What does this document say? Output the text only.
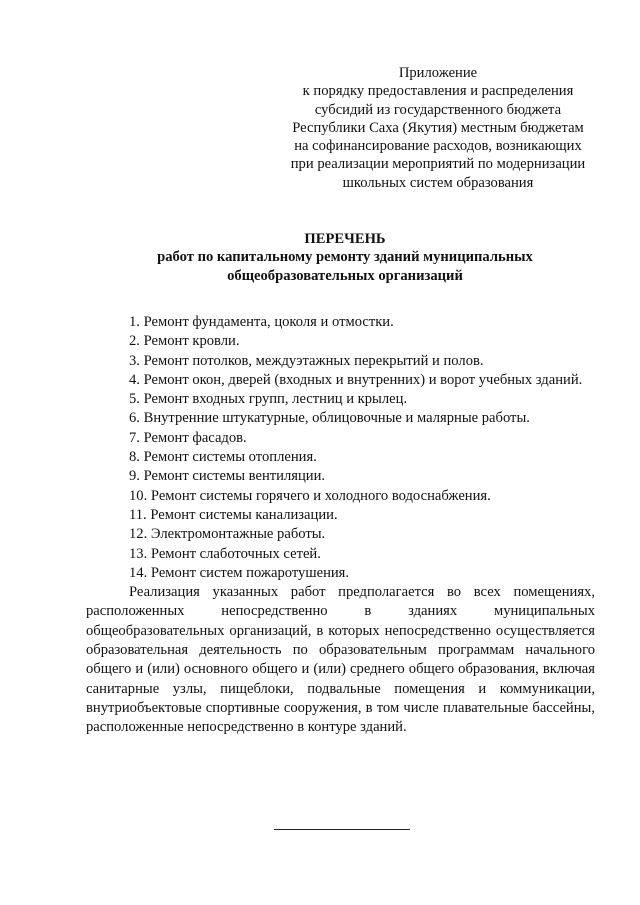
Приложение
к порядку предоставления и распределения
субсидий из государственного бюджета
Республики Саха (Якутия) местным бюджетам
на софинансирование расходов, возникающих
при реализации мероприятий по модернизации
школьных систем образования
ПЕРЕЧЕНЬ
работ по капитальному ремонту зданий муниципальных
общеобразовательных организаций

1. Ремонт фундамента, цоколя и отмостки.

2. Ремонт кровли.

3. Ремонт потолков, междуэтажных перекрытий и полов.

4. Ремонт окон, дверей (входных и внутренних) и ворот учебных зданий.

5. Ремонт входных групп, лестниц и крылец.

6. Внутренние штукатурные, облицовочные и малярные работы.

7. Ремонт фасадов.

8. Ремонт системы отопления.

9. Ремонт системы вентиляции.

10. Ремонт системы горячего и холодного водоснабжения.

11. Ремонт системы канализации.

12. Электромонтажные работы.

13. Ремонт слаботочных сетей.

14. Ремонт систем пожаротушения.

Реализация указанных работ предполагается во всех помещениях, расположенных непосредственно в зданиях муниципальных общеобразовательных организаций, в которых непосредственно осуществляется образовательная деятельность по образовательным программам начального общего и (или) основного общего и (или) среднего общего образования, включая санитарные узлы, пищеблоки, подвальные помещения и коммуникации, внутриобъектовые спортивные сооружения, в том числе плавательные бассейны, расположенные непосредственно в контуре зданий.
